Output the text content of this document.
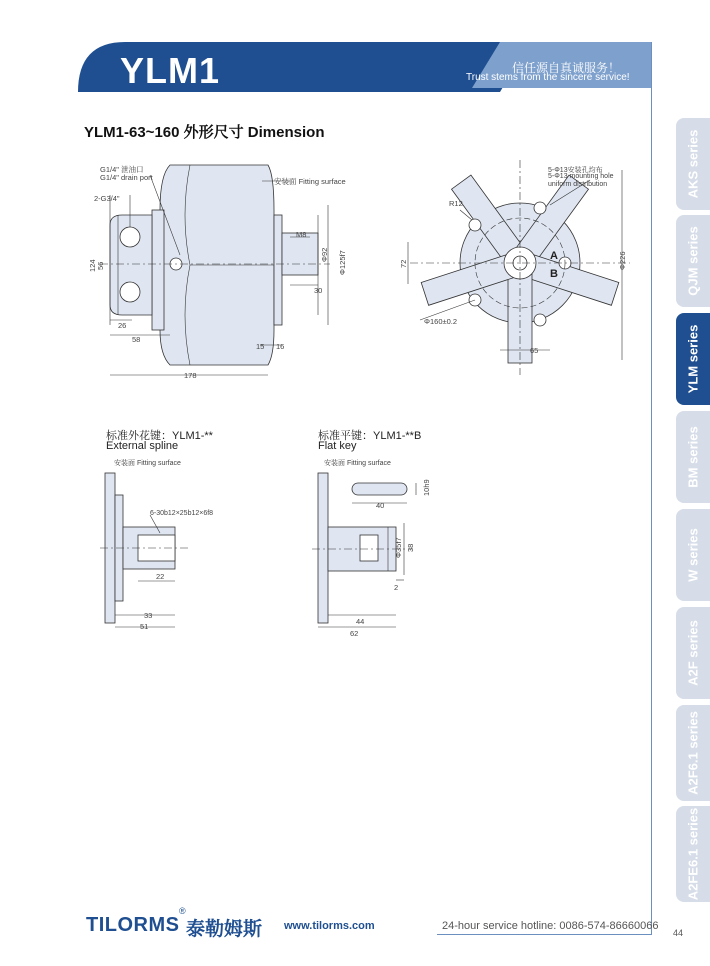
YLM1	信任源自真诚服务！
Trust stems from the sincere service!
YLM1-63~160 外形尺寸 Dimension
G1/4" 泄油口
G1/4" drain port
2-G3/4"
安装面 Fitting surface
M8
Φ92 Φ125f7
30
124 56
26
58
15 16
178
5-Φ13安装孔均布
5-Φ13 mounting hole
uniform distribution
R12
72	Φ226
Φ160±0.2
65
A
B
标准外花键：YLM1-**
External spline
安装面 Fitting surface
6-30b12×25b12×6f8
22
33
51
标准平键：YLM1-**B
Flat key
安装面 Fitting surface
40
10h9
Φ35f7 38
2
44
62
AKS series
QJM series
YLM series
BM series
W series
A2F series
A2F6.1 series
A2FE6.1 series
TILORMS
®
泰勒姆斯 www.tilorms.com	24-hour service hotline: 0086-574-86660066
44
